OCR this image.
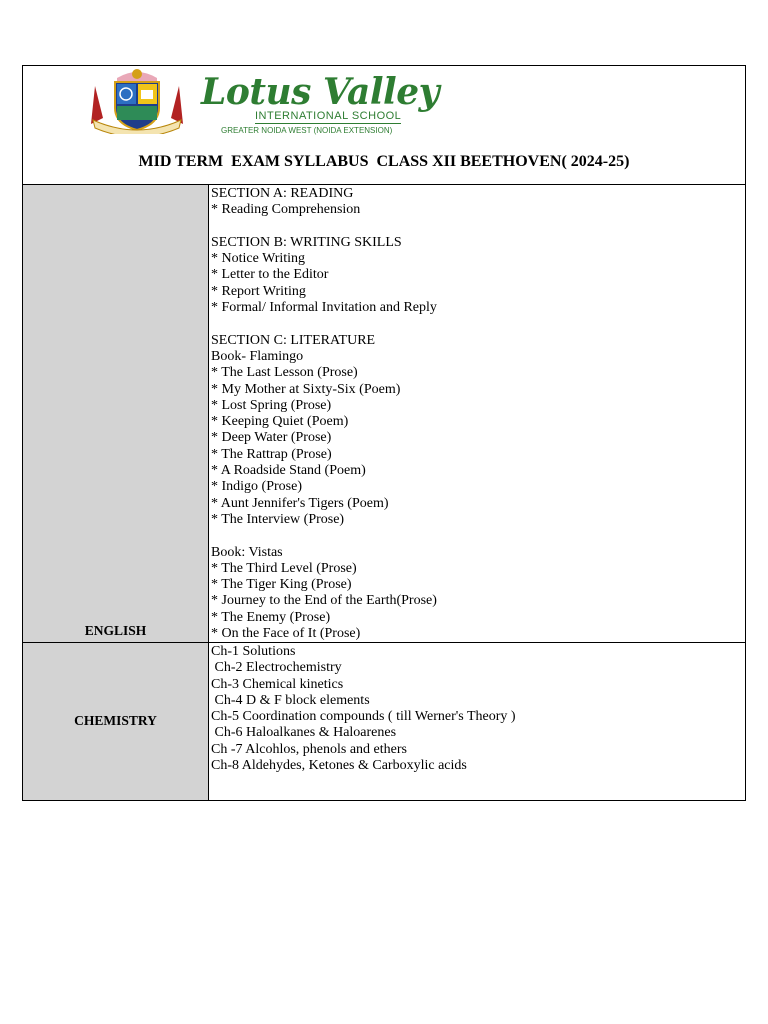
Lotus Valley
INTERNATIONAL SCHOOL
GREATER NOIDA WEST (NOIDA EXTENSION)
MID TERM  EXAM SYLLABUS  CLASS XII BEETHOVEN( 2024-25)
ENGLISH
SECTION A: READING
* Reading Comprehension
SECTION B: WRITING SKILLS
* Notice Writing
* Letter to the Editor
* Report Writing
* Formal/ Informal Invitation and Reply
SECTION C: LITERATURE
Book- Flamingo
* The Last Lesson (Prose)
* My Mother at Sixty-Six (Poem)
* Lost Spring (Prose)
* Keeping Quiet (Poem)
* Deep Water (Prose)
* The Rattrap (Prose)
* A Roadside Stand (Poem)
* Indigo (Prose)
* Aunt Jennifer's Tigers (Poem)
* The Interview (Prose)
Book: Vistas
* The Third Level (Prose)
* The Tiger King (Prose)
* Journey to the End of the Earth(Prose)
* The Enemy (Prose)
* On the Face of It (Prose)
CHEMISTRY
Ch-1 Solutions
Ch-2 Electrochemistry
Ch-3 Chemical kinetics
Ch-4 D & F block elements
Ch-5 Coordination compounds ( till Werner's Theory )
Ch-6 Haloalkanes & Haloarenes
Ch -7 Alcohlos, phenols and ethers
Ch-8 Aldehydes, Ketones & Carboxylic acids
